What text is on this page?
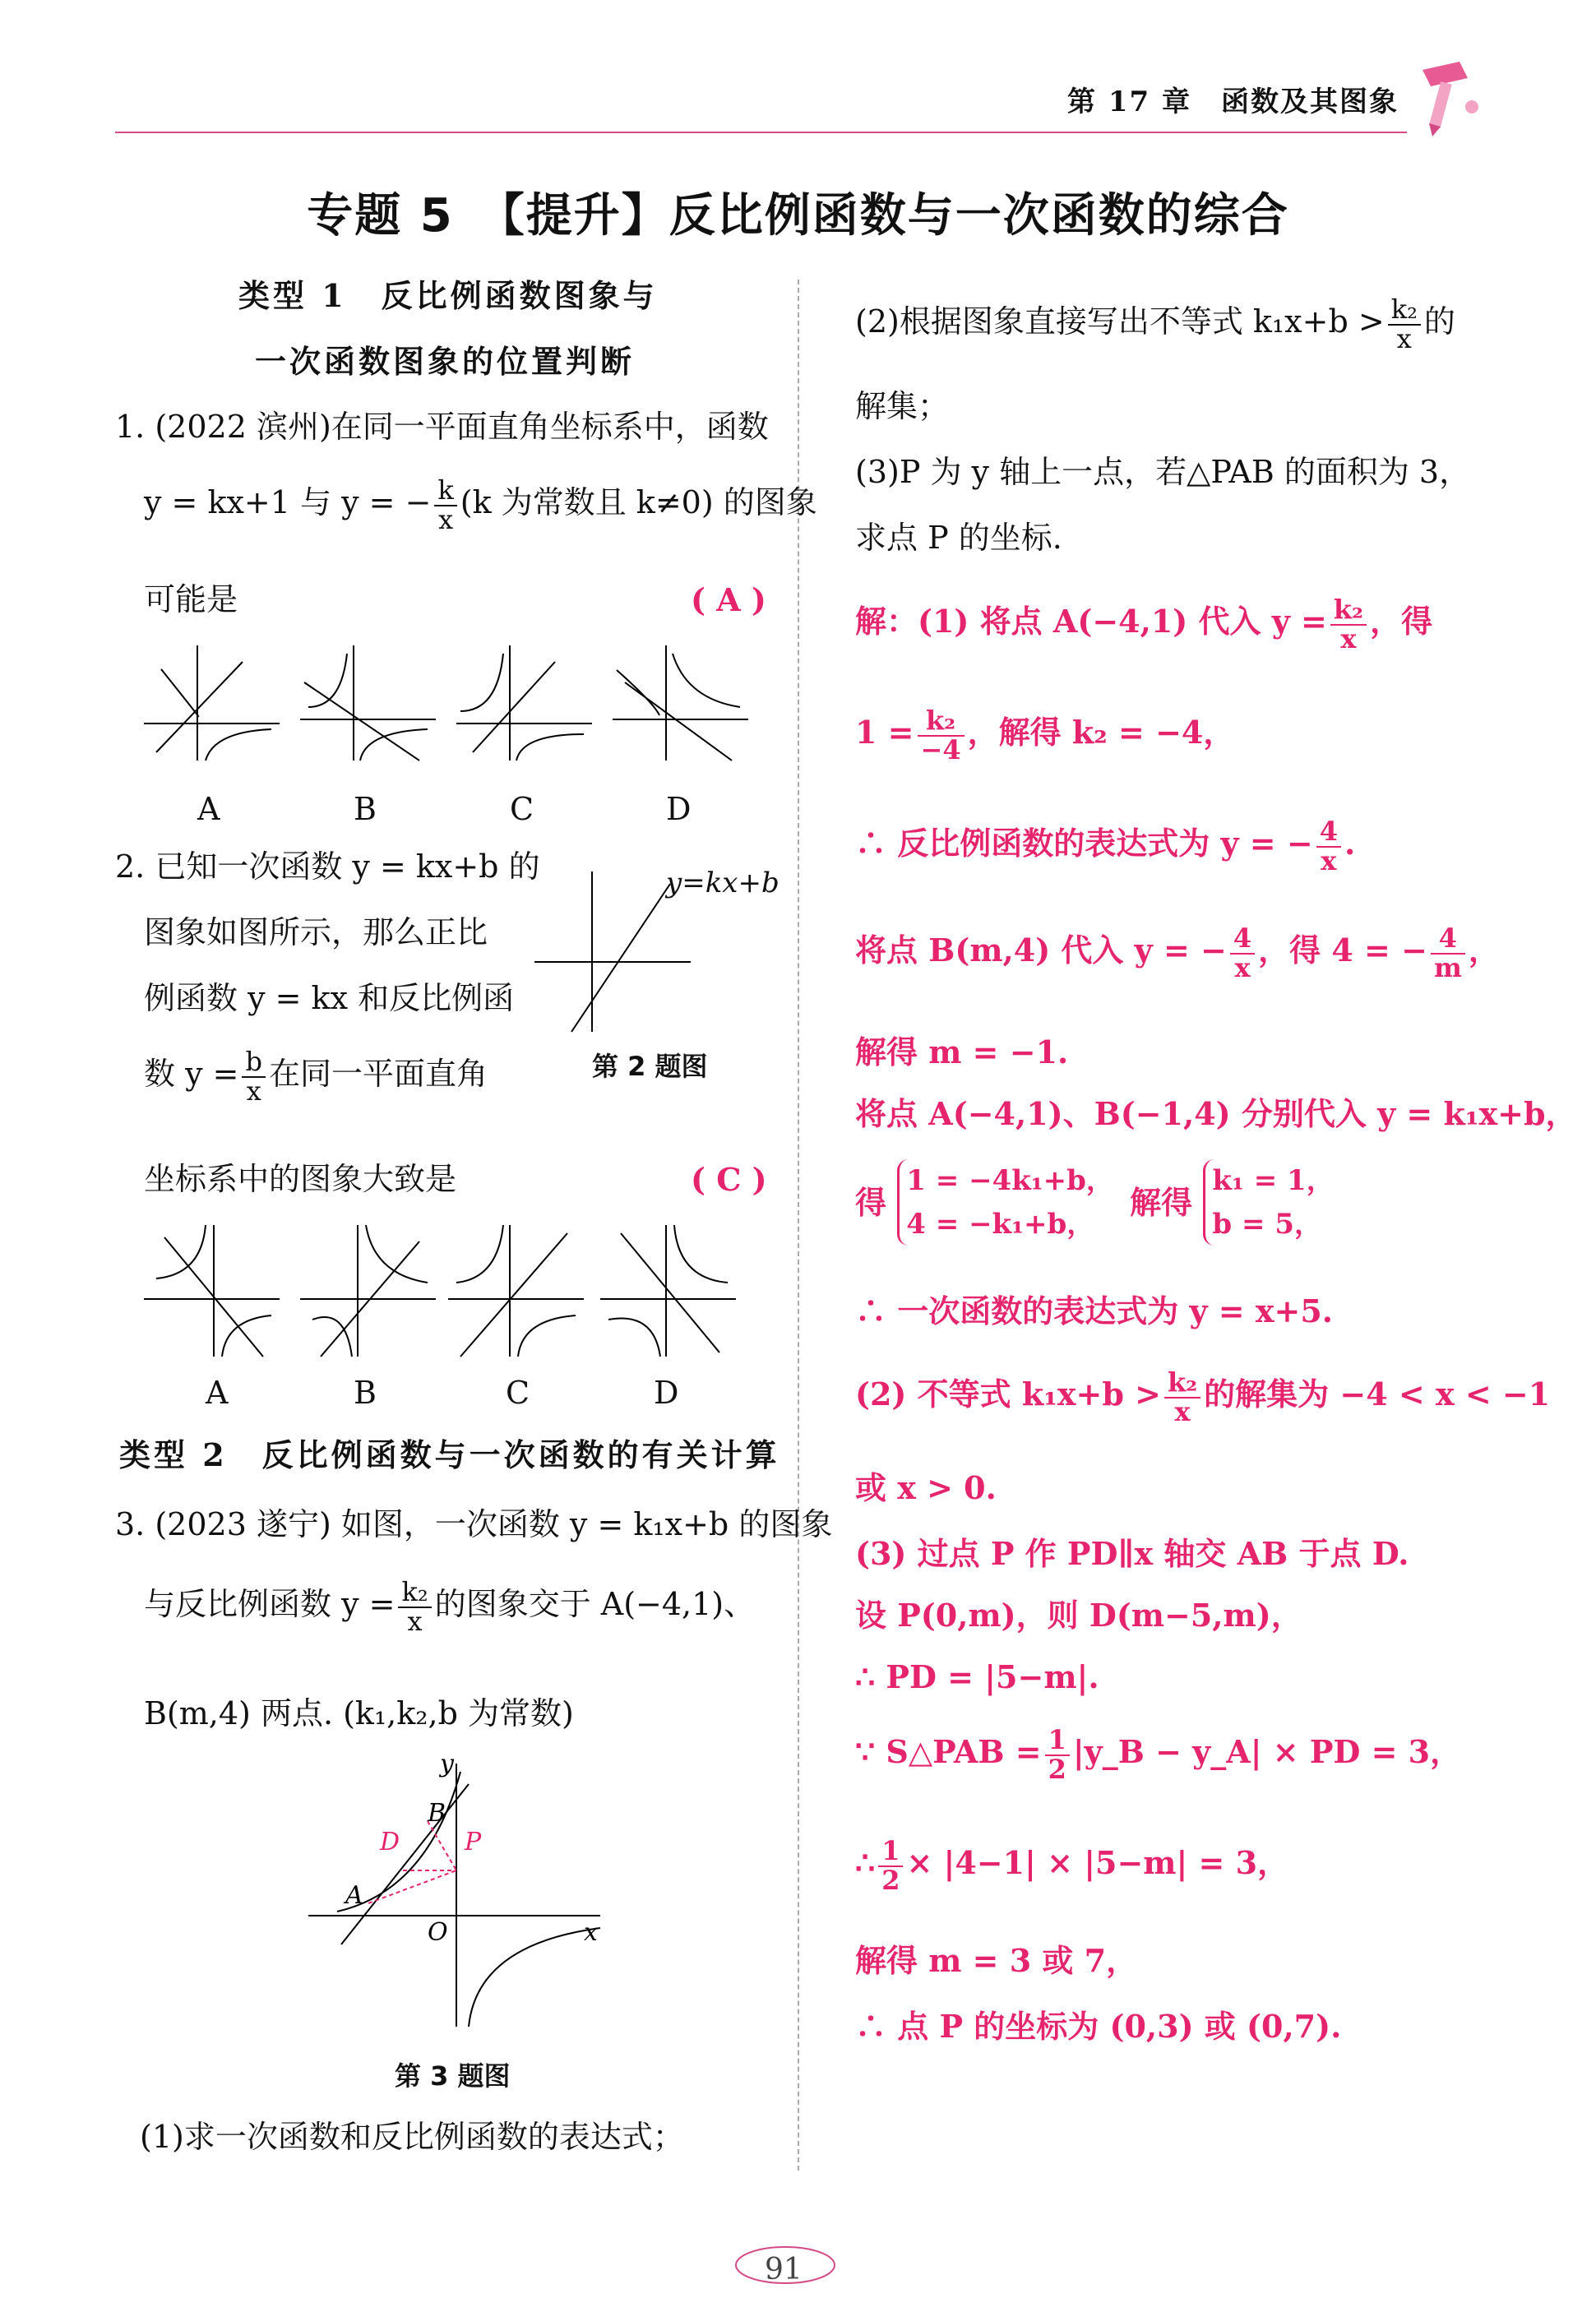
第 17 章　函数及其图象
专题 5　【提升】反比例函数与一次函数的综合
类型 1　反比例函数图象与
一次函数图象的位置判断
1. (2022 滨州)在同一平面直角坐标系中，函数
y = kx+1 与 y = − $\frac{k}{x} (k$ 为常数且 k≠0) 的图象
可能是	( A )
A	B	C	D
2. 已知一次函数 y = kx+b 的
图象如图所示，那么正比
例函数 y = kx 和反比例函
数 $y = \frac{b}{x}$ 在同一平面直角
坐标系中的图象大致是	( C )
y=kx+b
第 2 题图
A	B	C	D
类型 2　反比例函数与一次函数的有关计算
3. (2023 遂宁) 如图，一次函数 y = k₁x+b 的图象
与反比例函数 $y = \frac{\text{k₂}}{x}$ 的图象交于 A(−4,1)、
B(m,4) 两点. (k₁,k₂,b 为常数)
B
D	P
A
O	x
y
第 3 题图
(1)求一次函数和反比例函数的表达式；
(2)根据图象直接写出不等式 $k_1x+b > \frac{\text{k₂}}{x}$ 的
解集；
(3)P 为 y 轴上一点，若△PAB 的面积为 3，
求点 P 的坐标.
解：(1) 将点 A(−4,1) 代入 $y = \frac{\text{k₂}}{x}$ ，得
$1 = \frac{\text{k₂}}{-4}$ ，解得 k₂ = −4，
∴ 反比例函数的表达式为 y = − $\frac{4}{x}$ .
将点 B(m,4) 代入 y = − $\frac{4}{x}$ ，得 4 = − $\frac{4}{m}$ ，
解得 m = −1.
将点 A(−4,1)、B(−1,4) 分别代入 y = k₁x+b，
得
1 = −4k₁+b，
4 = −k₁+b，
解得
k₁ = 1，
b = 5，
∴ 一次函数的表达式为 y = x+5.
(2) 不等式 $k_1x+b > \frac{\text{k₂}}{x}$ 的解集为 −4 < x < −1
或 x > 0.
(3) 过点 P 作 PD∥x 轴交 AB 于点 D.
设 P(0,m)，则 D(m−5,m)，
∴ PD = |5−m|.
∵ S△PAB = $\frac{1}{2}$ |y_B − y_A| × PD = 3，
∴ $\frac{1}{2} \times |4-1| \times |5-m| = 3$，
解得 m = 3 或 7，
∴ 点 P 的坐标为 (0,3) 或 (0,7).
91
